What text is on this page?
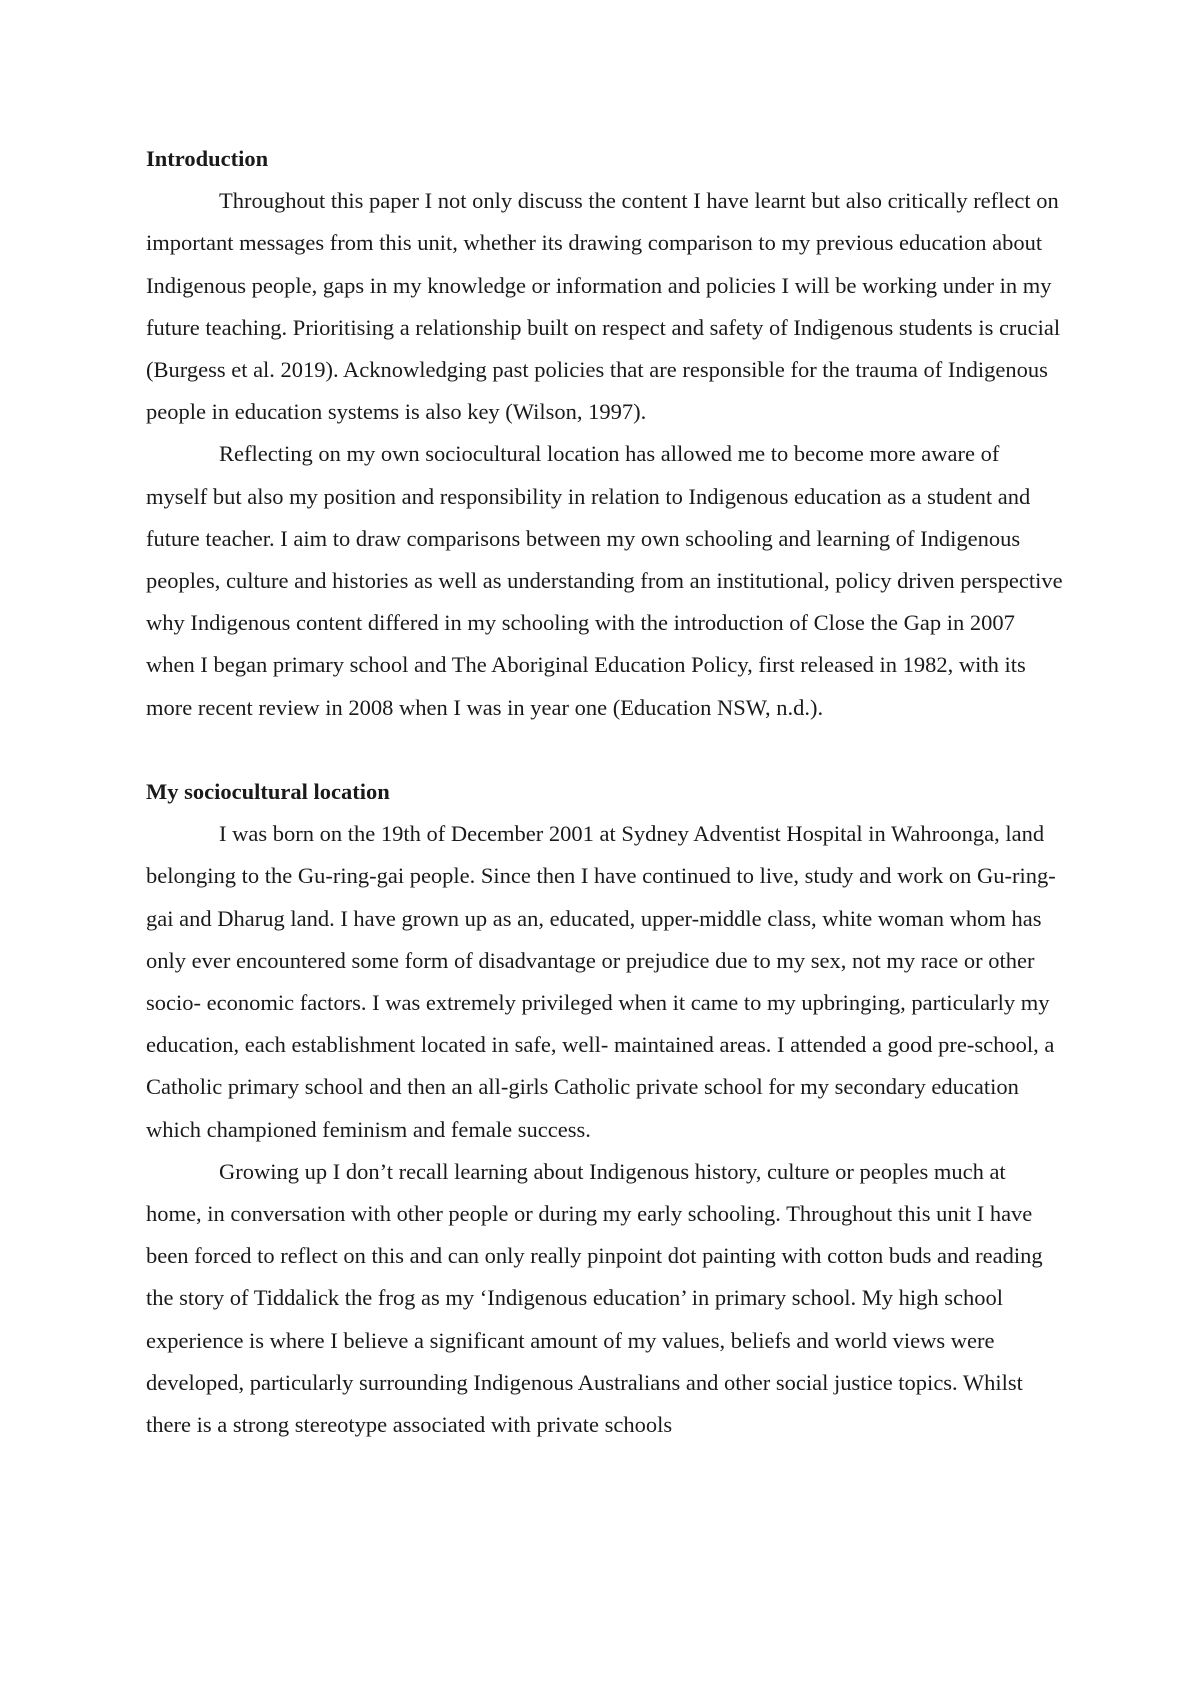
Introduction

Throughout this paper I not only discuss the content I have learnt but also critically reflect on important messages from this unit, whether its drawing comparison to my previous education about Indigenous people, gaps in my knowledge or information and policies I will be working under in my future teaching. Prioritising a relationship built on respect and safety of Indigenous students is crucial (Burgess et al. 2019). Acknowledging past policies that are responsible for the trauma of Indigenous people in education systems is also key (Wilson, 1997).

Reflecting on my own sociocultural location has allowed me to become more aware of myself but also my position and responsibility in relation to Indigenous education as a student and future teacher. I aim to draw comparisons between my own schooling and learning of Indigenous peoples, culture and histories as well as understanding from an institutional, policy driven perspective why Indigenous content differed in my schooling with the introduction of Close the Gap in 2007 when I began primary school and The Aboriginal Education Policy, first released in 1982, with its more recent review in 2008 when I was in year one (Education NSW, n.d.).

My sociocultural location

I was born on the 19th of December 2001 at Sydney Adventist Hospital in Wahroonga, land belonging to the Gu-ring-gai people. Since then I have continued to live, study and work on Gu-ring-gai and Dharug land. I have grown up as an, educated, upper-middle class, white woman whom has only ever encountered some form of disadvantage or prejudice due to my sex, not my race or other socio- economic factors. I was extremely privileged when it came to my upbringing, particularly my education, each establishment located in safe, well- maintained areas. I attended a good pre-school, a Catholic primary school and then an all-girls Catholic private school for my secondary education which championed feminism and female success.

Growing up I don’t recall learning about Indigenous history, culture or peoples much at home, in conversation with other people or during my early schooling. Throughout this unit I have been forced to reflect on this and can only really pinpoint dot painting with cotton buds and reading the story of Tiddalick the frog as my ‘Indigenous education’ in primary school. My high school experience is where I believe a significant amount of my values, beliefs and world views were developed, particularly surrounding Indigenous Australians and other social justice topics. Whilst there is a strong stereotype associated with private schools
